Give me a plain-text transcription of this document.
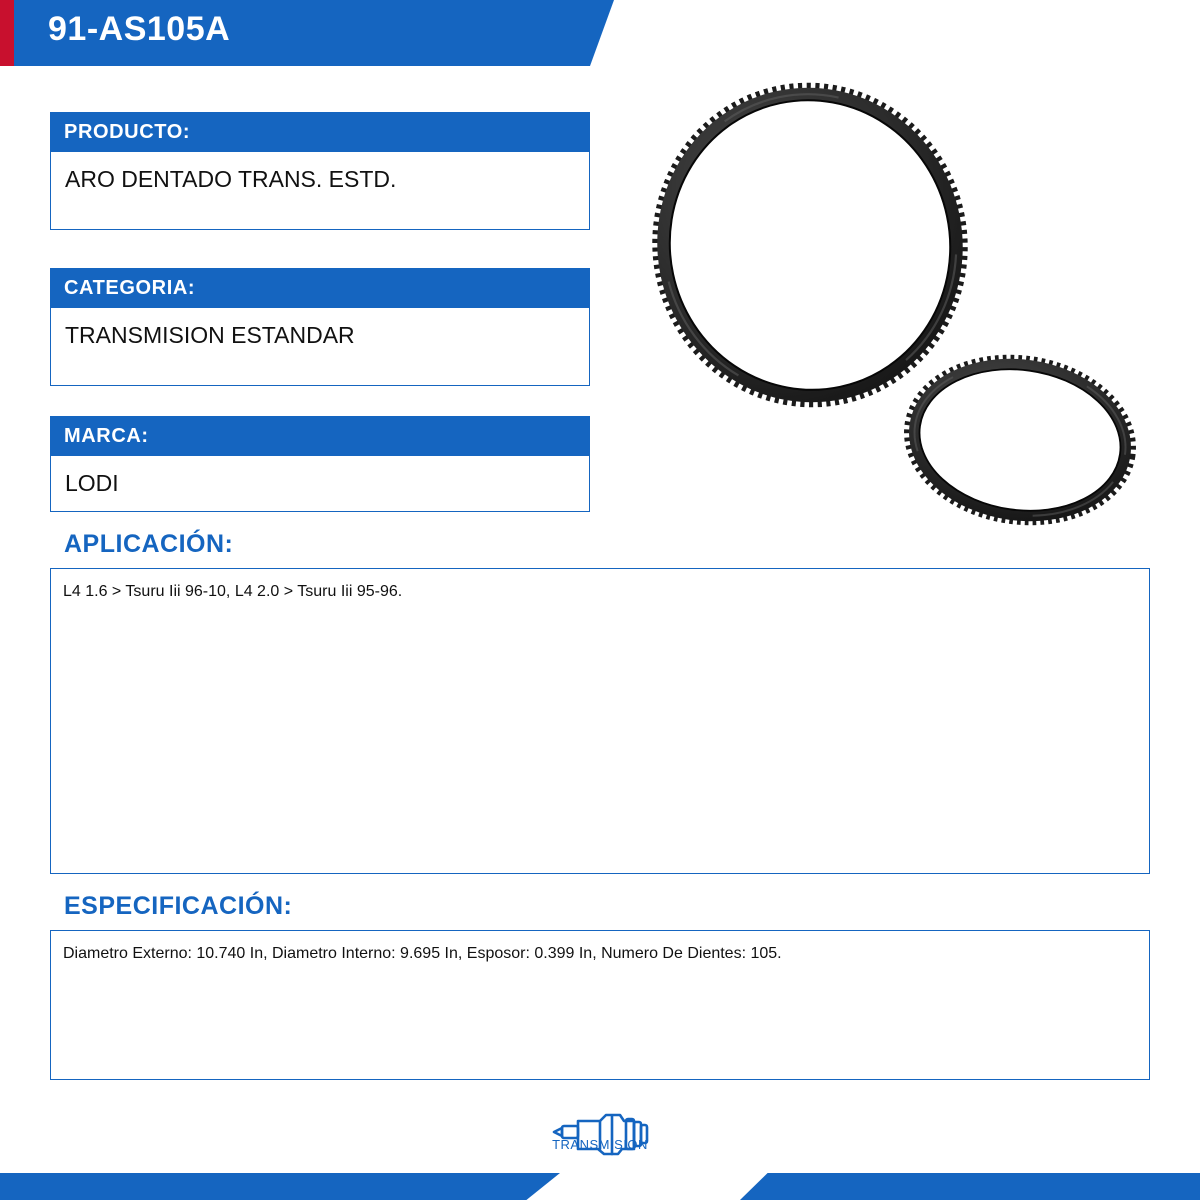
91-AS105A
PRODUCTO:
ARO DENTADO TRANS. ESTD.
CATEGORIA:
TRANSMISION ESTANDAR
MARCA:
LODI
APLICACIÓN:
L4 1.6 > Tsuru Iii 96-10, L4 2.0 > Tsuru Iii 95-96.
ESPECIFICACIÓN:
Diametro Externo: 10.740 In, Diametro Interno: 9.695 In, Esposor: 0.399 In, Numero De Dientes: 105.
TRANSMISION
